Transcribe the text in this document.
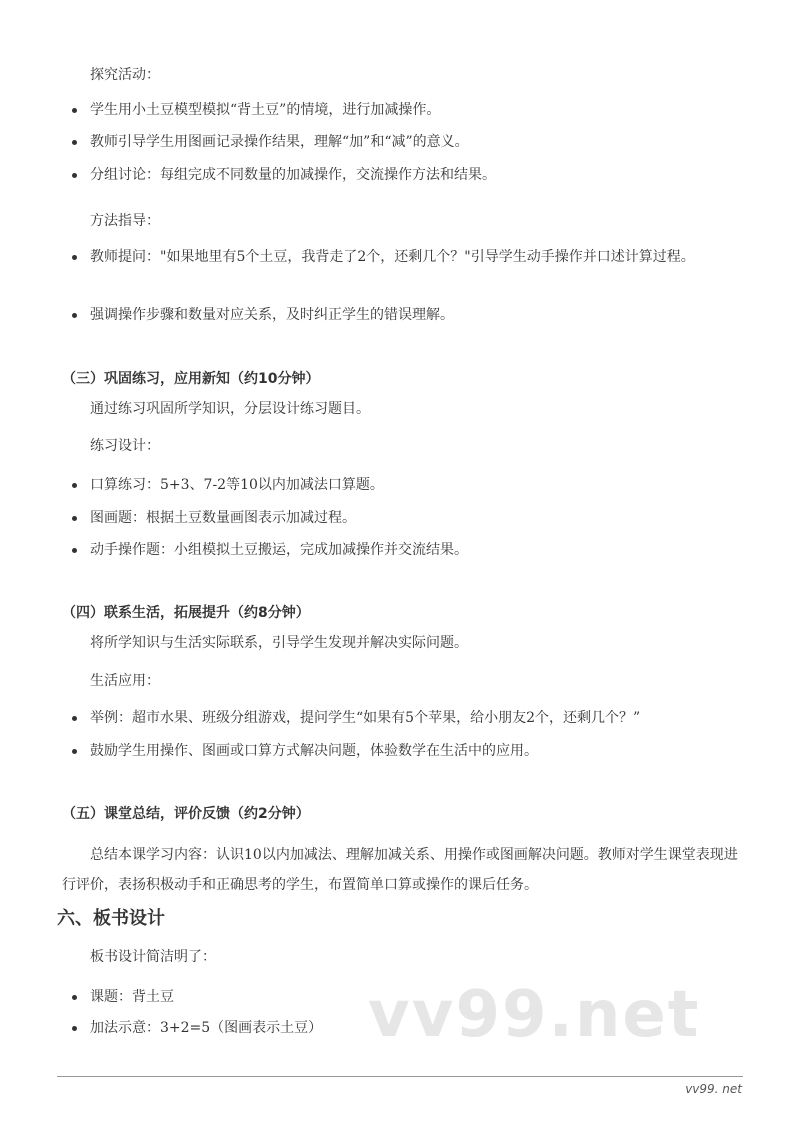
探究活动：

学生用小土豆模型模拟“背土豆”的情境，进行加减操作。
教师引导学生用图画记录操作结果，理解“加”和“减”的意义。
分组讨论：每组完成不同数量的加减操作，交流操作方法和结果。

方法指导：

教师提问："如果地里有5个土豆，我背走了2个，还剩几个？"引导学生动手操作并口述计算过程。
强调操作步骤和数量对应关系，及时纠正学生的错误理解。
（三）巩固练习，应用新知（约10分钟）

通过练习巩固所学知识，分层设计练习题目。

练习设计：

口算练习：5+3、7-2等10以内加减法口算题。
图画题：根据土豆数量画图表示加减过程。
动手操作题：小组模拟土豆搬运，完成加减操作并交流结果。
（四）联系生活，拓展提升（约8分钟）

将所学知识与生活实际联系，引导学生发现并解决实际问题。

生活应用：

举例：超市水果、班级分组游戏，提问学生“如果有5个苹果，给小朋友2个，还剩几个？”
鼓励学生用操作、图画或口算方式解决问题，体验数学在生活中的应用。
（五）课堂总结，评价反馈（约2分钟）

总结本课学习内容：认识10以内加减法、理解加减关系、用操作或图画解决问题。教师对学生课堂表现进行评价，表扬积极动手和正确思考的学生，布置简单口算或操作的课后任务。

六、板书设计

板书设计简洁明了：

课题：背土豆
加法示意：3+2=5（图画表示土豆） vv99.net
vv99. net
